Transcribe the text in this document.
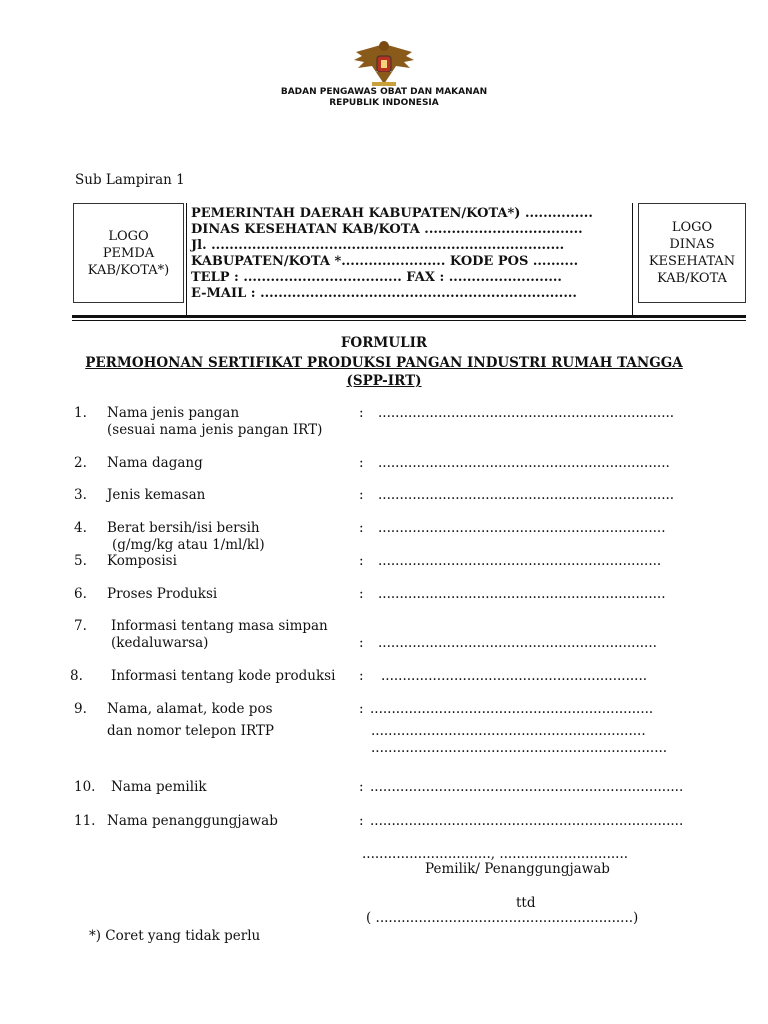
BADAN PENGAWAS OBAT DAN MAKANAN
REPUBLIK INDONESIA
Sub Lampiran 1
LOGO
PEMDA
KAB/KOTA*)
LOGO
DINAS
KESEHATAN
KAB/KOTA
PEMERINTAH DAERAH KABUPATEN/KOTA*) ...............
DINAS KESEHATAN KAB/KOTA ...................................
Jl. ..............................................................................
KABUPATEN/KOTA *....................... KODE POS ..........
TELP : ................................... FAX : .........................
E-MAIL : ......................................................................
FORMULIR
PERMOHONAN SERTIFIKAT PRODUKSI PANGAN INDUSTRI RUMAH TANGGA
(SPP-IRT)
1. Nama jenis pangan
(sesuai nama jenis pangan IRT)
: .....................................................................
2. Nama dagang	: ....................................................................
3. Jenis kemasan	: .....................................................................
4. Berat bersih/isi bersih
(g/mg/kg atau 1/ml/kl)
: ...................................................................
5. Komposisi	: ..................................................................
6. Proses Produksi	: ...................................................................
7. Informasi tentang masa simpan
(kedaluwarsa)	: .................................................................
8. Informasi tentang kode produksi : ..............................................................
9. Nama, alamat, kode pos
dan nomor telepon IRTP
: ..................................................................
................................................................
.....................................................................
10. Nama pemilik	: .........................................................................
11. Nama penanggungjawab	: .........................................................................
.............................., ..............................
Pemilik/ Penanggungjawab
ttd
( ............................................................)
*) Coret yang tidak perlu
